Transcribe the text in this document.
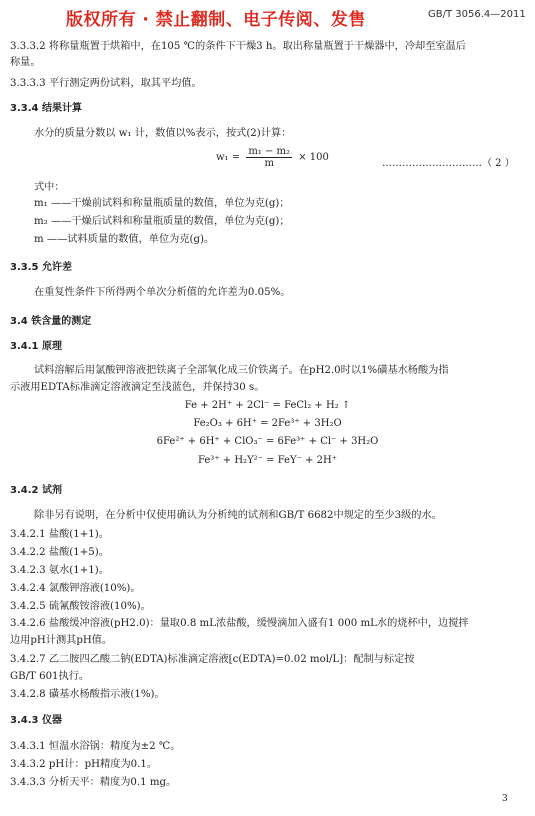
版权所有 · 禁止翻制、电子传阅、发售	GB/T 3056.4—2011
3.3.3.2 将称量瓶置于烘箱中，在105 ℃的条件下干燥3 h。取出称量瓶置于干燥器中，冷却至室温后
称量。
3.3.3.3 平行测定两份试料，取其平均值。
3.3.4 结果计算
水分的质量分数以 w₁ 计，数值以%表示，按式(2)计算：
$w_1 = \frac{\text{m₁ − m₂}}{m} \times 100$
…………………………（ 2 ）
式中：
m₁ ——干燥前试料和称量瓶质量的数值，单位为克(g)；
m₂ ——干燥后试料和称量瓶质量的数值，单位为克(g)；
m ——试料质量的数值，单位为克(g)。
3.3.5 允许差
在重复性条件下所得两个单次分析值的允许差为0.05%。
3.4 铁含量的测定
3.4.1 原理
试料溶解后用氯酸钾溶液把铁离子全部氧化成三价铁离子。在pH2.0时以1%磺基水杨酸为指
示液用EDTA标准滴定溶液滴定至浅蓝色，并保持30 s。
Fe + 2H⁺ + 2Cl⁻ = FeCl₂ + H₂ ↑
Fe₂O₃ + 6H⁺ = 2Fe³⁺ + 3H₂O
6Fe²⁺ + 6H⁺ + ClO₃⁻ = 6Fe³⁺ + Cl⁻ + 3H₂O
Fe³⁺ + H₂Y²⁻ = FeY⁻ + 2H⁺
3.4.2 试剂
除非另有说明，在分析中仅使用确认为分析纯的试剂和GB/T 6682中规定的至少3级的水。
3.4.2.1 盐酸(1+1)。
3.4.2.2 盐酸(1+5)。
3.4.2.3 氨水(1+1)。
3.4.2.4 氯酸钾溶液(10%)。
3.4.2.5 硫氰酸铵溶液(10%)。
3.4.2.6 盐酸缓冲溶液(pH2.0)：量取0.8 mL浓盐酸，缓慢滴加入盛有1 000 mL水的烧杯中，边搅拌
边用pH计测其pH值。
3.4.2.7 乙二胺四乙酸二钠(EDTA)标准滴定溶液[c(EDTA)=0.02 mol/L]：配制与标定按
GB/T 601执行。
3.4.2.8 磺基水杨酸指示液(1%)。
3.4.3 仪器
3.4.3.1 恒温水浴锅：精度为±2 ℃。
3.4.3.2 pH计：pH精度为0.1。
3.4.3.3 分析天平：精度为0.1 mg。
3
